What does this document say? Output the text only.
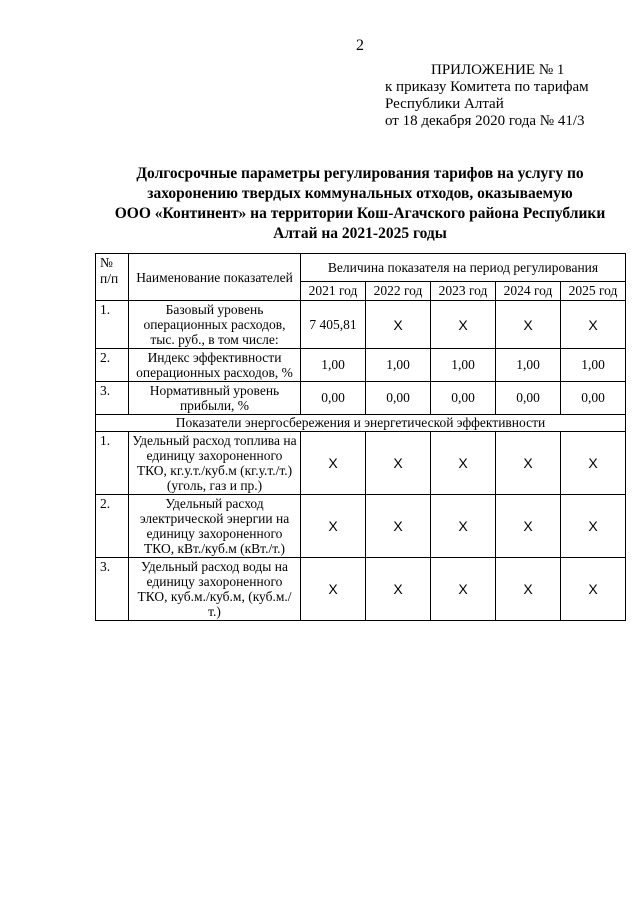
2
ПРИЛОЖЕНИЕ № 1
к приказу Комитета по тарифам
Республики Алтай
от 18 декабря 2020 года № 41/3
Долгосрочные параметры регулирования тарифов на услугу по
захоронению твердых коммунальных отходов, оказываемую
ООО «Континент» на территории Кош-Агачского района Республики
Алтай на 2021-2025 годы
№ п/п	Наименование показателей	Величина показателя на период регулирования				
		2021 год	2022 год	2023 год	2024 год	2025 год
1.	Базовый уровень операционных расходов, тыс. руб., в том числе:	7 405,81	X	X	X	X
2.	Индекс эффективности операционных расходов, %	1,00	1,00	1,00	1,00	1,00
3.	Нормативный уровень прибыли, %	0,00	0,00	0,00	0,00	0,00
Показатели энергосбережения и энергетической эффективности						
1.	Удельный расход топлива на единицу захороненного ТКО, кг.у.т./куб.м (кг.у.т./т.) (уголь, газ и пр.)	X	X	X	X	X
2.	Удельный расход электрической энергии на единицу захороненного ТКО, кВт./куб.м (кВт./т.)	X	X	X	X	X
3.	Удельный расход воды на единицу захороненного ТКО, куб.м./куб.м, (куб.м./т.)	X	X	X	X	X
